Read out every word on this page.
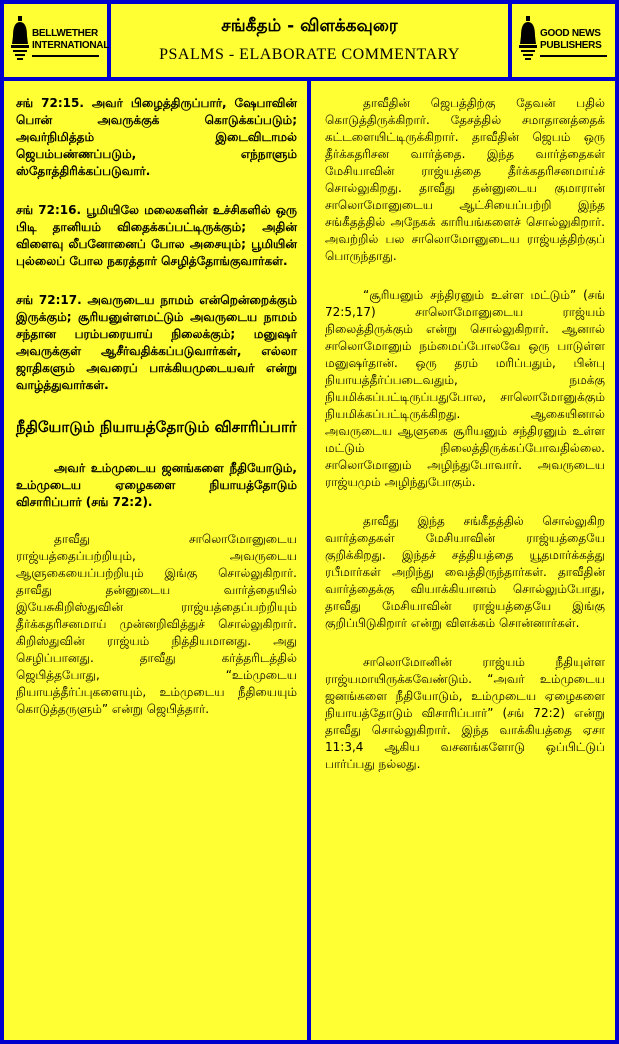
BELLWETHER INTERNATIONAL
சங்கீதம் - விளக்கவுரை
PSALMS - ELABORATE COMMENTARY
GOOD NEWS PUBLISHERS

சங் 72:15. அவர் பிழைத்திருப்பார், ஷேபாவின் பொன் அவருக்குக் கொடுக்கப்படும்; அவர்நிமித்தம் இடைவிடாமல் ஜெபம்பண்ணப்படும், எந்நாளும் ஸ்தோத்திரிக்கப்படுவார்.

சங் 72:16. பூமியிலே மலைகளின் உச்சிகளில் ஒரு பிடி தானியம் விதைக்கப்பட்டிருக்கும்; அதின் விளைவு லீபனோனைப் போல அசையும்; பூமியின் புல்லைப் போல நகரத்தார் செழித்தோங்குவார்கள்.

சங் 72:17. அவருடைய நாமம் என்றென்றைக்கும் இருக்கும்; சூரியனுள்ளமட்டும் அவருடைய நாமம் சந்தான பரம்பரையாய் நிலைக்கும்; மனுஷர் அவருக்குள் ஆசீர்வதிக்கப்படுவார்கள், எல்லா ஜாதிகளும் அவரைப் பாக்கியமுடையவர் என்று வாழ்த்துவார்கள்.

நீதியோடும் நியாயத்தோடும் விசாரிப்பார்

அவர் உம்முடைய ஜனங்களை நீதியோடும், உம்முடைய ஏழைகளை நியாயத்தோடும் விசாரிப்பார் (சங் 72:2).

தாவீது சாலொமோனுடைய ராஜ்யத்தைப்பற்றியும், அவருடைய ஆளுகையைப்பற்றியும் இங்கு சொல்லுகிறார். தாவீது தன்னுடைய வார்த்தையில் இயேசுகிறிஸ்துவின் ராஜ்யத்தைப்பற்றியும் தீர்க்கதரிசனமாய் முன்னறிவித்துச் சொல்லுகிறார். கிறிஸ்துவின் ராஜ்யம் நித்தியமானது. அது செழிப்பானது. தாவீது கர்த்தரிடத்தில் ஜெபித்தபோது, “உம்முடைய நியாயத்தீர்ப்புகளையும், உம்முடைய நீதியையும் கொடுத்தருளும்” என்று ஜெபித்தார்.

தாவீதின் ஜெபத்திற்கு தேவன் பதில் கொடுத்திருக்கிறார். தேசத்தில் சமாதானத்தைக் கட்டளையிட்டிருக்கிறார். தாவீதின் ஜெபம் ஒரு தீர்க்கதரிசன வார்த்தை. இந்த வார்த்தைகள் மேசியாவின் ராஜ்யத்தை தீர்க்கதரிசனமாய்ச் சொல்லுகிறது. தாவீது தன்னுடைய குமாரான் சாலொமோனுடைய ஆட்சியைப்பற்றி இந்த சங்கீதத்தில் அநேகக் காரியங்களைச் சொல்லுகிறார். அவற்றில் பல சாலொமோனுடைய ராஜ்யத்திற்குப் பொருந்தாது.

“சூரியனும் சந்திரனும் உள்ள மட்டும்” (சங் 72:5,17) சாலொமோனுடைய ராஜ்யம் நிலைத்திருக்கும் என்று சொல்லுகிறார். ஆனால் சாலொமோனும் நம்மைப்போலவே ஒரு பாடுள்ள மனுஷர்தான். ஒரு தரம் மரிப்பதும், பின்பு நியாயத்தீர்ப்படைவதும், நமக்கு நியமிக்கப்பட்டிருப்பதுபோல, சாலொமோனுக்கும் நியமிக்கப்பட்டிருக்கிறது. ஆகையினால் அவருடைய ஆளுகை சூரியனும் சந்திரனும் உள்ள மட்டும் நிலைத்திருக்கப்போவதில்லை. சாலொமோனும் அழிந்துபோவார். அவருடைய ராஜ்யமும் அழிந்துபோகும்.

தாவீது இந்த சங்கீதத்தில் சொல்லுகிற வார்த்தைகள் மேசியாவின் ராஜ்யத்தையே குறிக்கிறது. இந்தச் சத்தியத்தை யூதமார்க்கத்து ரபீமார்கள் அறிந்து வைத்திருந்தார்கள். தாவீதின் வார்த்தைக்கு வியாக்கியானம் சொல்லும்போது, தாவீது மேசியாவின் ராஜ்யத்தையே இங்கு குறிப்பிடுகிறார் என்று விளக்கம் சொன்னார்கள்.

சாலொமோனின் ராஜ்யம் நீதியுள்ள ராஜ்யமாயிருக்கவேண்டும். “அவர் உம்முடைய ஜனங்களை நீதியோடும், உம்முடைய ஏழைகளை நியாயத்தோடும் விசாரிப்பார்” (சங் 72:2) என்று தாவீது சொல்லுகிறார். இந்த வாக்கியத்தை ஏசா 11:3,4 ஆகிய வசனங்களோடு ஒப்பிட்டுப் பார்ப்பது நல்லது.
